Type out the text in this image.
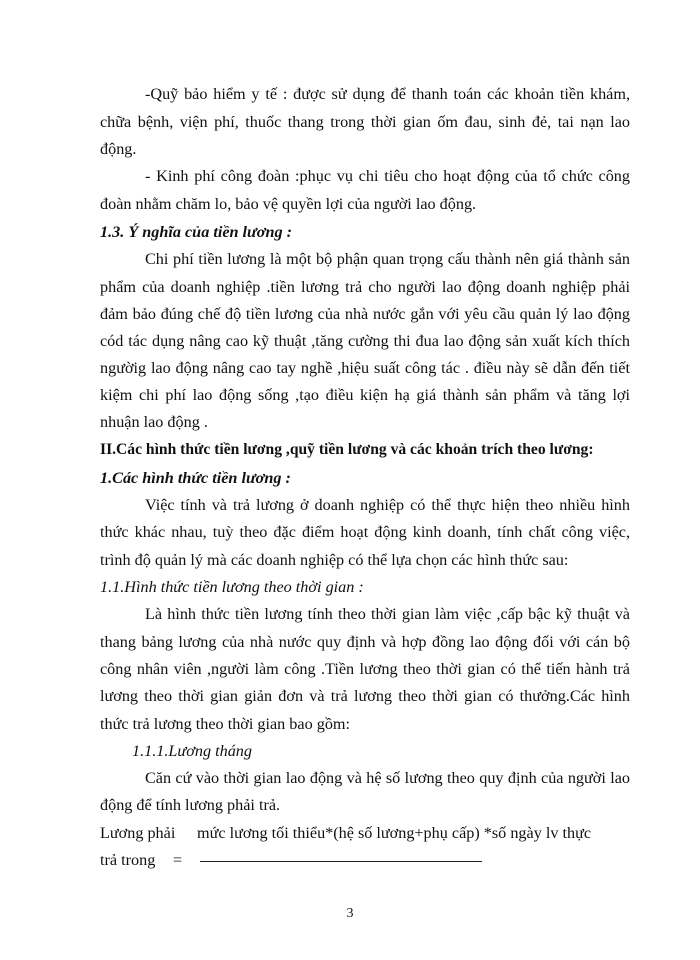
-Quỹ bảo hiểm y tế : được sử dụng để thanh toán các khoản tiền khám,
chữa bệnh, viện phí, thuốc thang trong thời gian ốm đau, sinh đẻ, tai nạn lao
động.
- Kinh phí công đoàn :phục vụ chi tiêu cho hoạt động của tổ chức công
đoàn nhằm chăm lo, bảo vệ quyền lợi của người lao động.
1.3. Ý nghĩa của tiền lương :
Chi phí tiền lương là một bộ phận quan trọng cấu thành nên giá thành sản
phẩm của doanh nghiệp .tiền lương trả cho người lao động doanh nghiệp phải
đảm bảo đúng chế độ tiền lương của nhà nước gắn với yêu cầu quản lý lao động
cód tác dụng nâng cao kỹ thuật ,tăng cường thi đua lao động sản xuất kích thích
ngườig lao động nâng cao tay nghề ,hiệu suất công tác . điều này sẽ dẫn đến tiết
kiệm chi phí lao động sống ,tạo điều kiện hạ giá thành sản phẩm và tăng lợi
nhuận lao động .
II.Các hình thức tiền lương ,quỹ tiền lương và các khoản trích theo lương:
1.Các hình thức tiền lương :
Việc tính và trả lương ở doanh nghiệp có thể thực hiện theo nhiều hình
thức khác nhau, tuỳ theo đặc điểm hoạt động kinh doanh, tính chất công việc,
trình độ quản lý mà các doanh nghiệp có thể lựa chọn các hình thức sau:
1.1.Hình thức tiền lương theo thời gian :
Là hình thức tiền lương tính theo thời gian làm việc ,cấp bậc kỹ thuật và
thang bảng lương của nhà nước quy định và hợp đồng lao động đối với cán bộ
công nhân viên ,người làm công .Tiền lương theo thời gian có thể tiến hành trả
lương theo thời gian giản đơn và trả lương theo thời gian có thưởng.Các hình
thức trả lương theo thời gian bao gồm:
1.1.1.Lương tháng
Căn cứ vào thời gian lao động và hệ số lương theo quy định của người lao
động để tính lương phải trả.
Lương phải mức lương tối thiểu*(hệ số lương+phụ cấp) *số ngày lv thực
trả trong =
3
